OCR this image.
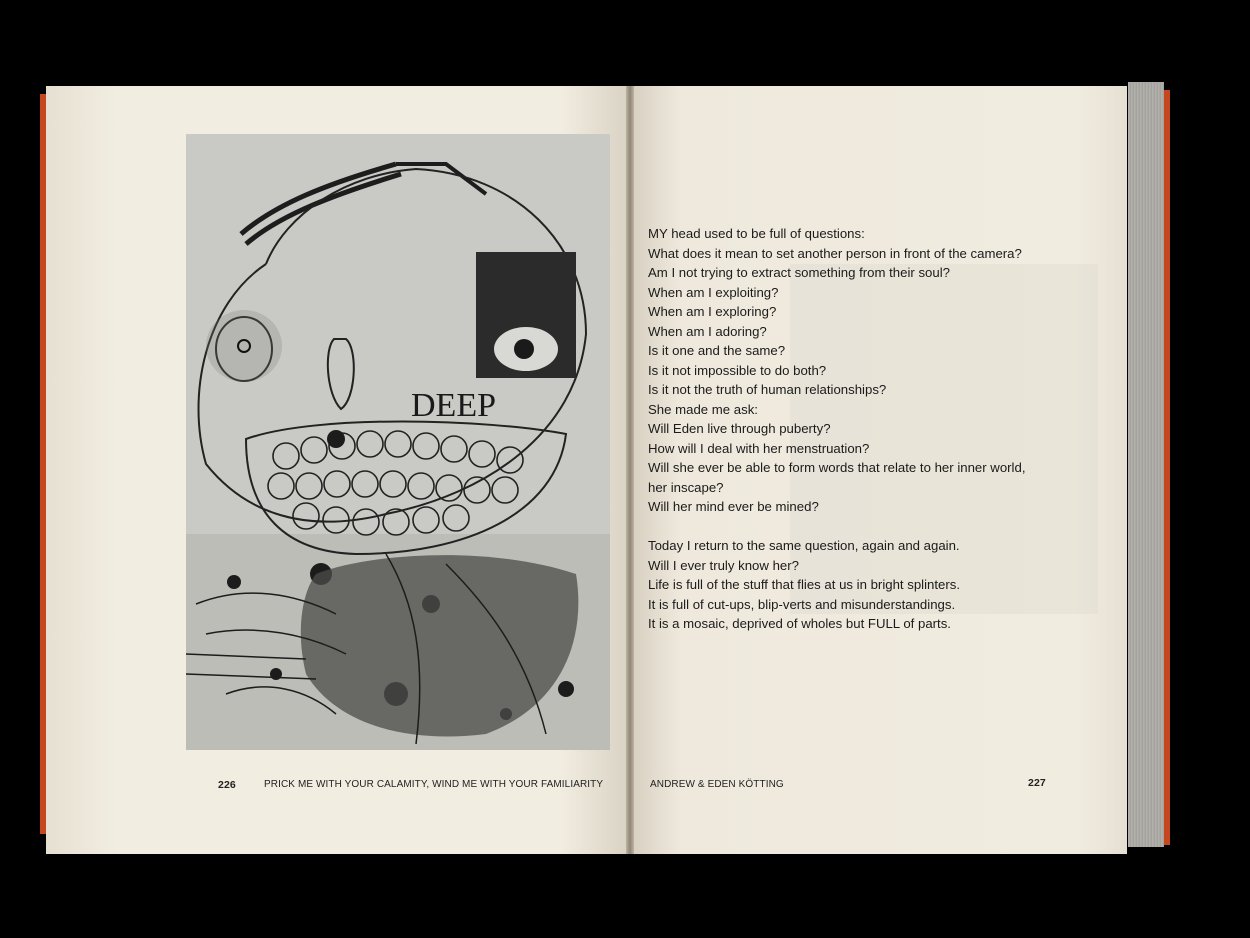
DEEP
MY head used to be full of questions:
What does it mean to set another person in front of the camera?
Am I not trying to extract something from their soul?
When am I exploiting?
When am I exploring?
When am I adoring?
Is it one and the same?
Is it not impossible to do both?
Is it not the truth of human relationships?
She made me ask:
Will Eden live through puberty?
How will I deal with her menstruation?
Will she ever be able to form words that relate to her inner world,
her inscape?
Will her mind ever be mined?
Today I return to the same question, again and again.
Will I ever truly know her?
Life is full of the stuff that flies at us in bright splinters.
It is full of cut-ups, blip-verts and misunderstandings.
It is a mosaic, deprived of wholes but FULL of parts.
226	PRICK ME WITH YOUR CALAMITY, WIND ME WITH YOUR FAMILIARITY	ANDREW & EDEN KÖTTING	227
